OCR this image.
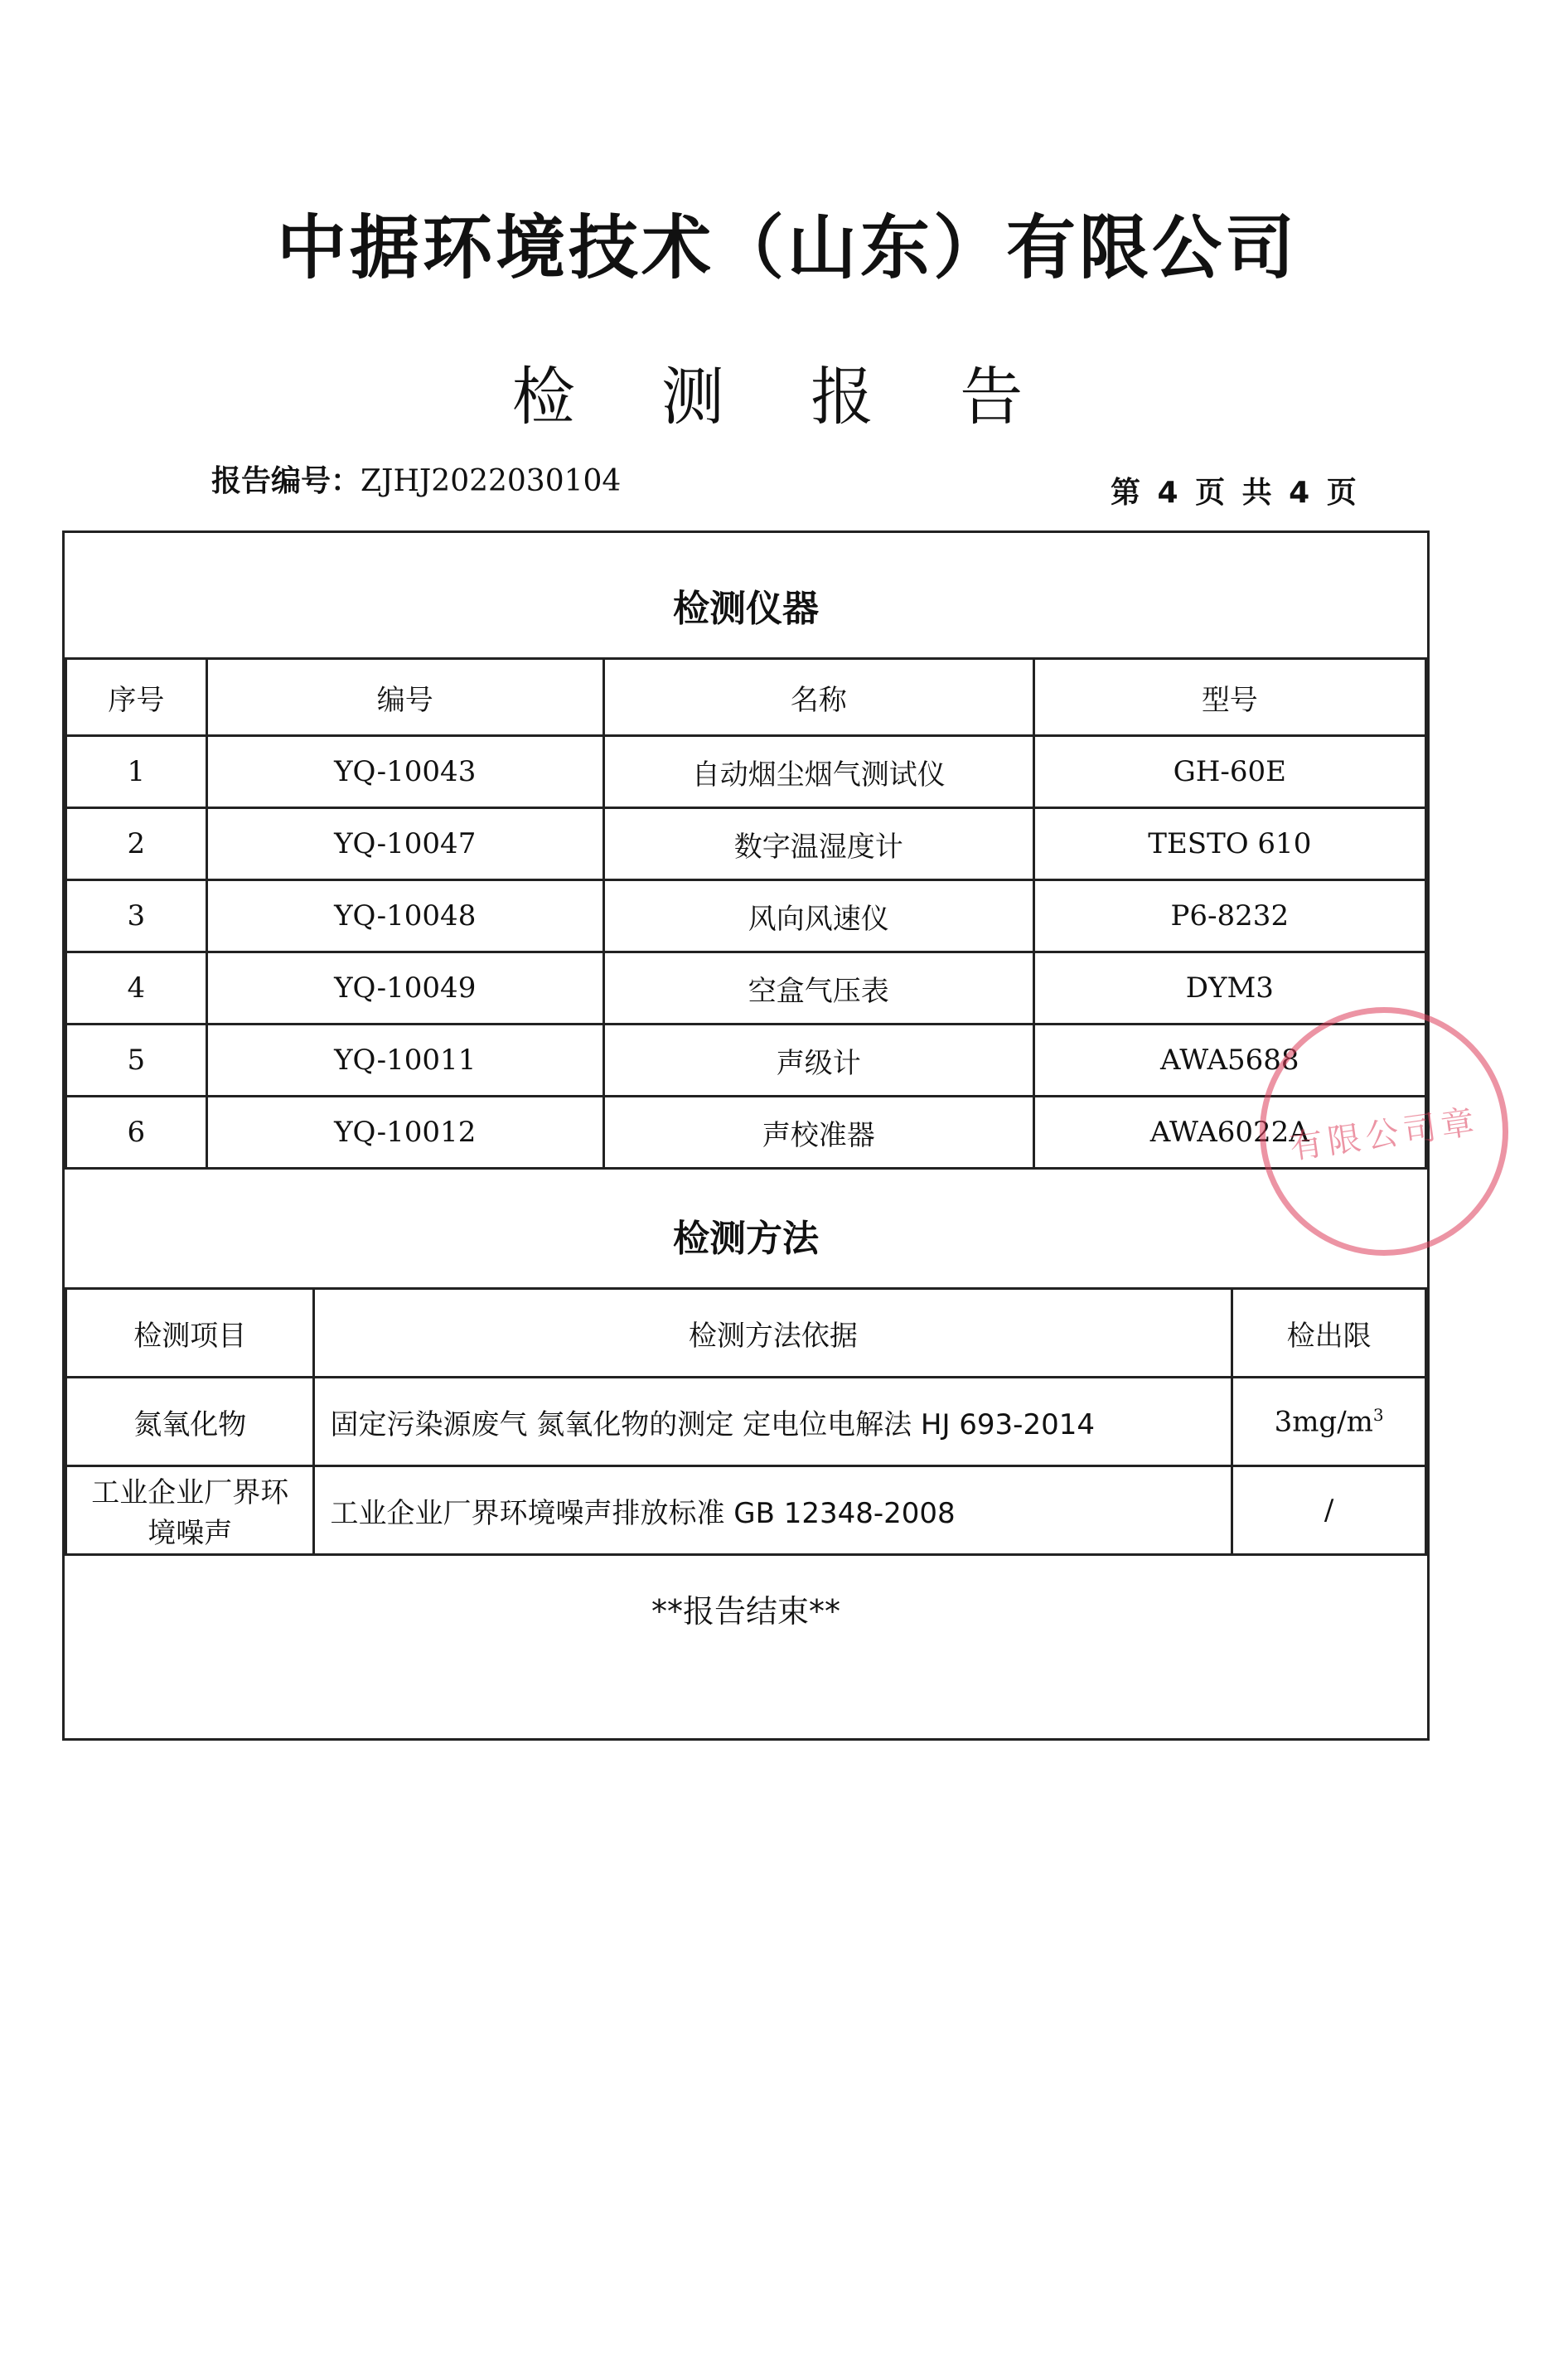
中据环境技术（山东）有限公司
检 测 报 告
报告编号：ZJHJ2022030104	第 4 页 共 4 页
检测仪器
序号	编号	名称	型号
1	YQ-10043	自动烟尘烟气测试仪	GH-60E
2	YQ-10047	数字温湿度计	TESTO 610
3	YQ-10048	风向风速仪	P6-8232
4	YQ-10049	空盒气压表	DYM3
5	YQ-10011	声级计	AWA5688
6	YQ-10012	声校准器	AWA6022A
检测方法
检测项目	检测方法依据	检出限
氮氧化物	固定污染源废气 氮氧化物的测定 定电位电解法 HJ 693-2014	$3mg/m^3$
工业企业厂界环境噪声	工业企业厂界环境噪声排放标准 GB 12348-2008	/
**报告结束**
有限公司章
